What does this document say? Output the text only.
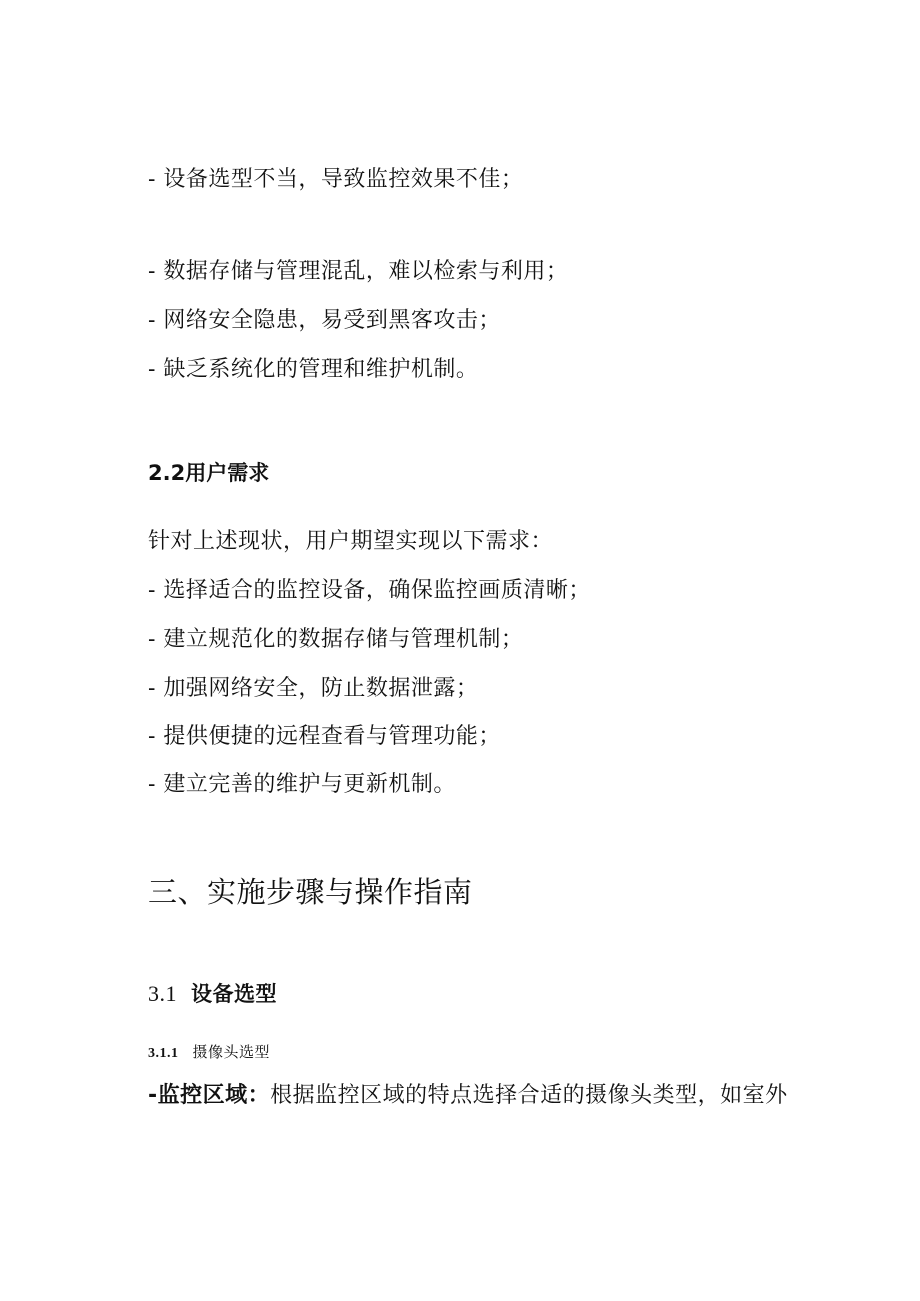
- 设备选型不当，导致监控效果不佳；
- 数据存储与管理混乱，难以检索与利用；
- 网络安全隐患，易受到黑客攻击；
- 缺乏系统化的管理和维护机制。
2.2用户需求
针对上述现状，用户期望实现以下需求：
- 选择适合的监控设备，确保监控画质清晰；
- 建立规范化的数据存储与管理机制；
- 加强网络安全，防止数据泄露；
- 提供便捷的远程查看与管理功能；
- 建立完善的维护与更新机制。
三、实施步骤与操作指南
3.1 设备选型
3.1.1 摄像头选型
-监控区域：根据监控区域的特点选择合适的摄像头类型，如室外
